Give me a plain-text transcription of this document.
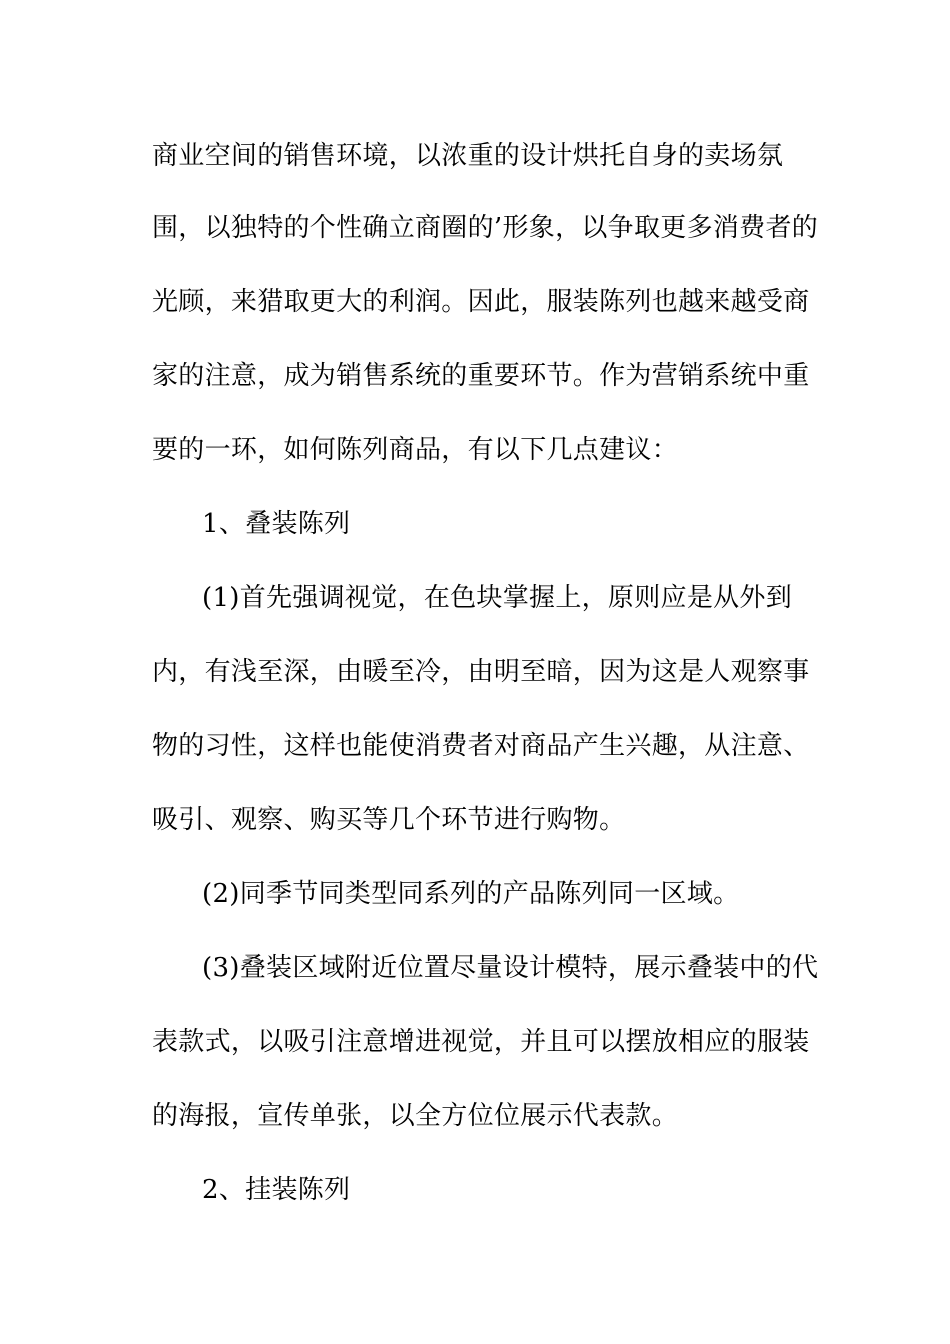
商业空间的销售环境，以浓重的设计烘托自身的卖场氛
围，以独特的个性确立商圈的’形象，以争取更多消费者的
光顾，来猎取更大的利润。因此，服装陈列也越来越受商
家的注意，成为销售系统的重要环节。作为营销系统中重
要的一环，如何陈列商品，有以下几点建议：
1、叠装陈列
(1)首先强调视觉，在色块掌握上，原则应是从外到
内，有浅至深，由暖至冷，由明至暗，因为这是人观察事
物的习性，这样也能使消费者对商品产生兴趣，从注意、
吸引、观察、购买等几个环节进行购物。
(2)同季节同类型同系列的产品陈列同一区域。
(3)叠装区域附近位置尽量设计模特，展示叠装中的代
表款式，以吸引注意增进视觉，并且可以摆放相应的服装
的海报，宣传单张，以全方位位展示代表款。
2、挂装陈列
